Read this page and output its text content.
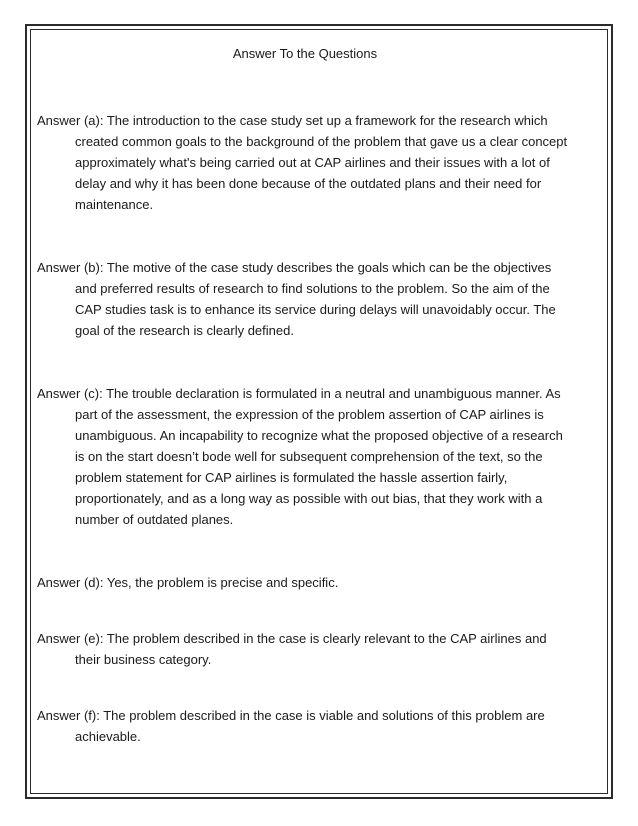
Answer To the Questions

Answer (a): The introduction to the case study set up a framework for the research which created common goals to the background of the problem that gave us a clear concept approximately what's being carried out at CAP airlines and their issues with a lot of delay and why it has been done because of the outdated plans and their need for maintenance.

Answer (b): The motive of the case study describes the goals which can be the objectives and preferred results of research to find solutions to the problem. So the aim of the CAP studies task is to enhance its service during delays will unavoidably occur. The goal of the research is clearly defined.

Answer (c): The trouble declaration is formulated in a neutral and unambiguous manner. As part of the assessment, the expression of the problem assertion of CAP airlines is unambiguous. An incapability to recognize what the proposed objective of a research is on the start doesn’t bode well for subsequent comprehension of the text, so the problem statement for CAP airlines is formulated the hassle assertion fairly, proportionately, and as a long way as possible with out bias, that they work with a number of outdated planes.

Answer (d): Yes, the problem is precise and specific.

Answer (e): The problem described in the case is clearly relevant to the CAP airlines and their business category.

Answer (f): The problem described in the case is viable and solutions of this problem are achievable.
